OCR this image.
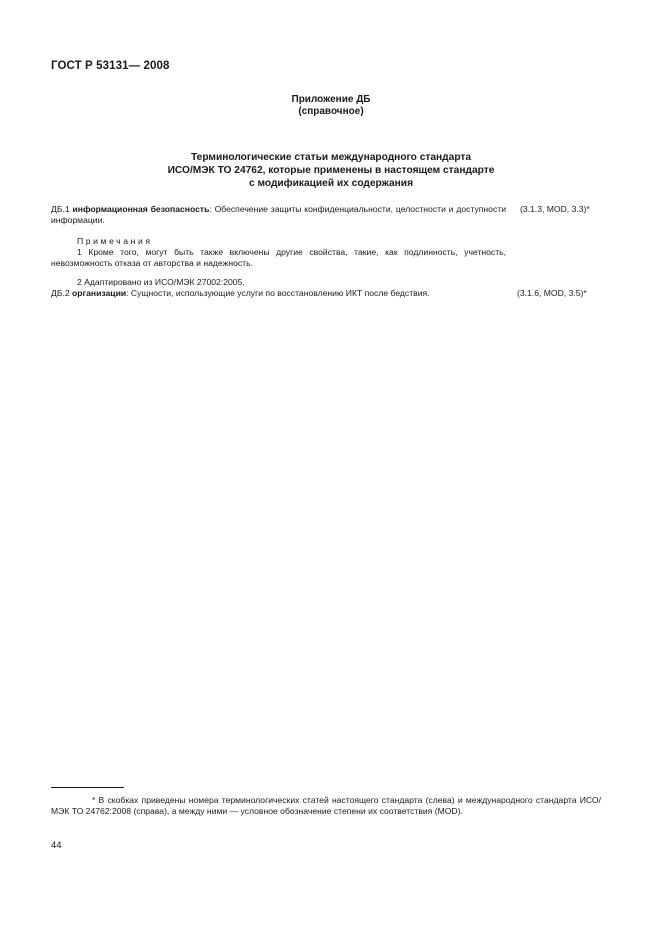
ГОСТ Р 53131— 2008
Приложение ДБ
(справочное)
Терминологические статьи международного стандарта
ИСО/МЭК ТО 24762, которые применены в настоящем стандарте
с модификацией их содержания
ДБ.1 информационная безопасность: Обеспечение защиты конфиденциальности, целостности и доступности информации.
(3.1.3, MOD, 3.3)*
Примечания
1 Кроме того, могут быть также включены другие свойства, такие, как подлинность, учетность, невозможность отказа от авторства и надежность.
2 Адаптировано из ИСО/МЭК 27002:2005.
ДБ.2 организации: Сущности, использующие услуги по восстановлению ИКТ после бедствия.	(3.1.6, MOD, 3.5)*
* В скобках приведены номера терминологических статей настоящего стандарта (слева) и международного стандарта ИСО/МЭК ТО 24762:2008 (справа), а между ними — условное обозначение степени их соответствия (MOD).
44
